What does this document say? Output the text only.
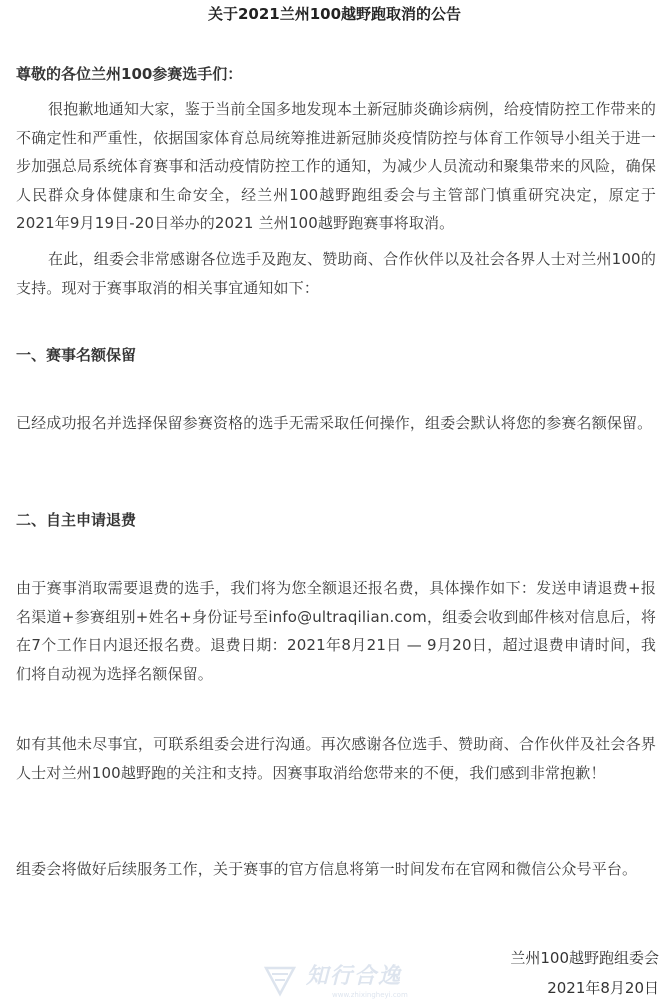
关于2021兰州100越野跑取消的公告
尊敬的各位兰州100参赛选手们：
很抱歉地通知大家，鉴于当前全国多地发现本土新冠肺炎确诊病例，给疫情防控工作带来的不确定性和严重性，依据国家体育总局统筹推进新冠肺炎疫情防控与体育工作领导小组关于进一步加强总局系统体育赛事和活动疫情防控工作的通知，为减少人员流动和聚集带来的风险，确保人民群众身体健康和生命安全，经兰州100越野跑组委会与主管部门慎重研究决定，原定于2021年9月19日-20日举办的2021 兰州100越野跑赛事将取消。
在此，组委会非常感谢各位选手及跑友、赞助商、合作伙伴以及社会各界人士对兰州100的支持。现对于赛事取消的相关事宜通知如下：
一、赛事名额保留
已经成功报名并选择保留参赛资格的选手无需采取任何操作，组委会默认将您的参赛名额保留。
二、自主申请退费
由于赛事消取需要退费的选手，我们将为您全额退还报名费，具体操作如下：发送申请退费+报名渠道+参赛组别+姓名+身份证号至info@ultraqilian.com，组委会收到邮件核对信息后，将在7个工作日内退还报名费。退费日期：2021年8月21日 — 9月20日，超过退费申请时间，我们将自动视为选择名额保留。
如有其他未尽事宜，可联系组委会进行沟通。再次感谢各位选手、赞助商、合作伙伴及社会各界人士对兰州100越野跑的关注和支持。因赛事取消给您带来的不便，我们感到非常抱歉！
组委会将做好后续服务工作，关于赛事的官方信息将第一时间发布在官网和微信公众号平台。
兰州100越野跑组委会
2021年8月20日
知行合逸
www.zhixingheyi.com
